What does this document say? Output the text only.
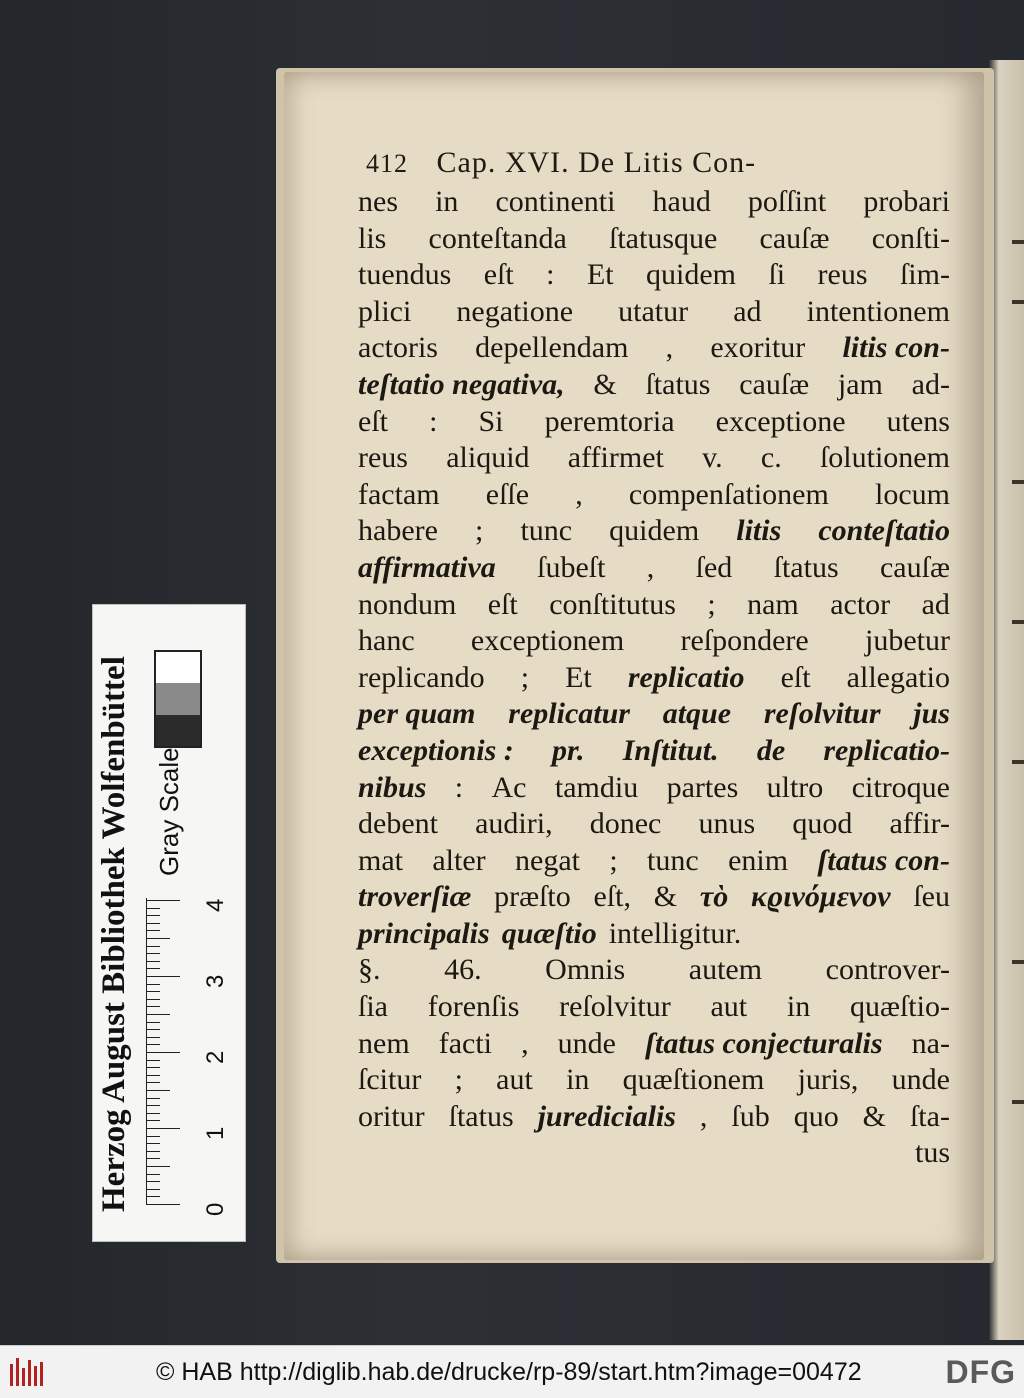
412 Cap. XVI. De Litis Con-
nes in continenti haud poſſint probari
lis conteſtanda ſtatusque cauſæ conſti-
tuendus eſt : Et quidem ſi reus ſim-
plici negatione utatur ad intentionem
actoris depellendam , exoritur litis con-
teſtatio negativa, & ſtatus cauſæ jam ad-
eſt : Si peremtoria exceptione utens
reus aliquid affirmet v. c. ſolutionem
factam eſſe , compenſationem locum
habere ; tunc quidem litis conteſtatio
affirmativa ſubeſt , ſed ſtatus cauſæ
nondum eſt conſtitutus ; nam actor ad
hanc exceptionem reſpondere jubetur
replicando ; Et replicatio eſt allegatio
per quam replicatur atque reſolvitur jus
exceptionis : pr. Inſtitut. de replicatio-
nibus : Ac tamdiu partes ultro citroque
debent audiri, donec unus quod affir-
mat alter negat ; tunc enim ſtatus con-
troverſiæ præſto eſt, & τὸ κϱινόμενον ſeu
principalis quæſtio intelligitur.
§. 46. Omnis autem controver-
ſia forenſis reſolvitur aut in quæſtio-
nem facti , unde ſtatus conjecturalis na-
ſcitur ; aut in quæſtionem juris, unde
oritur ſtatus juredicialis , ſub quo & ſta-
tus
Herzog August Bibliothek Wolfenbüttel Gray Scale
0
1
2
3
4
© HAB http://diglib.hab.de/drucke/rp-89/start.htm?image=00472	DFG
